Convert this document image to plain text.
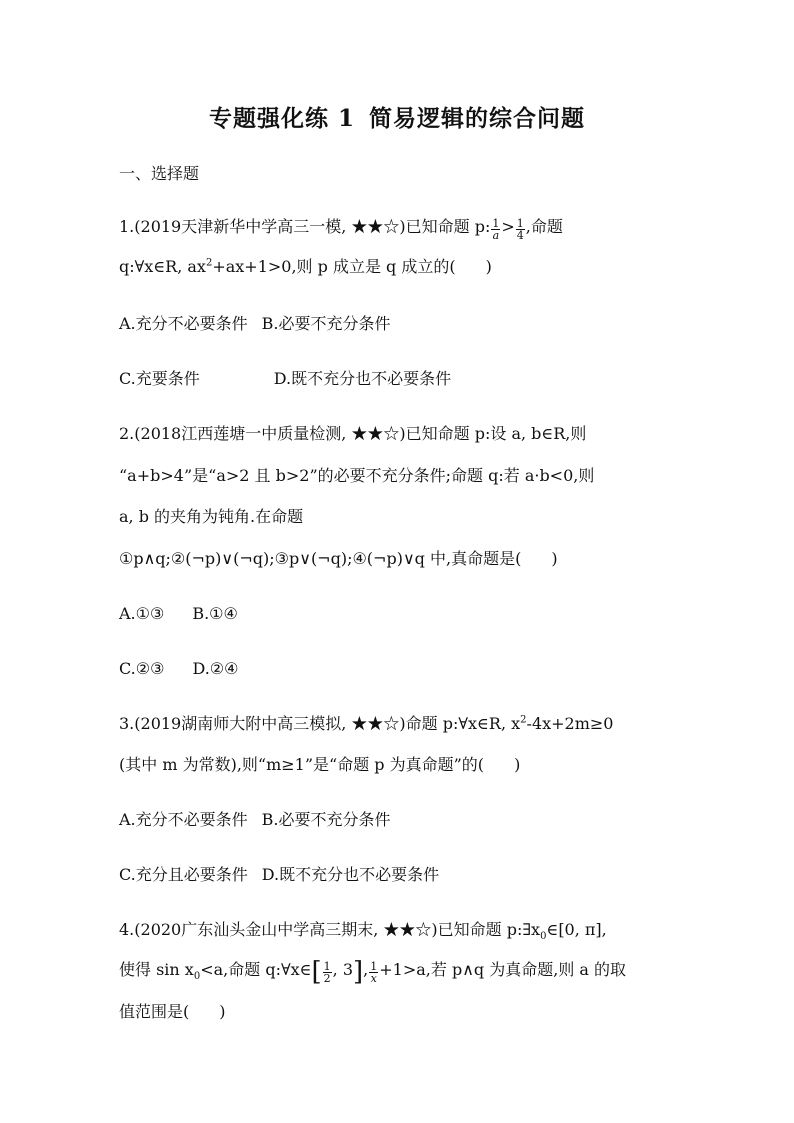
专题强化练 1 简易逻辑的综合问题
一、选择题
1.(2019天津新华中学高三一模, ★★☆)已知命题 p: $\frac{1}{a} > \frac{1}{4}$ ,命题
q:∀x∈R, $ax^2+ax+1>0$,则 p 成立是 q 成立的( )
A.充分不必要条件 B.必要不充分条件
C.充要条件	D.既不充分也不必要条件
2.(2018江西莲塘一中质量检测, ★★☆)已知命题 p:设 a, b∈R,则
“a+b>4”是“a>2 且 b>2”的必要不充分条件;命题 q:若 a·b<0,则
a, b 的夹角为钝角.在命题
①p∧q;②(¬p)∨(¬q);③p∨(¬q);④(¬p)∨q 中,真命题是( )
A.①③ B.①④
C.②③ D.②④
3.(2019湖南师大附中高三模拟, ★★☆)命题 p:∀x∈R, $x^2-4x+2m\ge 0$
(其中 m 为常数),则“m≥1”是“命题 p 为真命题”的( )
A.充分不必要条件 B.必要不充分条件
C.充分且必要条件 D.既不充分也不必要条件
4.(2020广东汕头金山中学高三期末, ★★☆)已知命题 $p:\exists x_0\in[0$, π],
使得 $\sin x_0<a$,命题 q:∀x∈[ $\frac{1}{2}$ , 3], $\frac{1}{x} +1>a$,若 p∧q 为真命题,则 a 的取
值范围是( )
